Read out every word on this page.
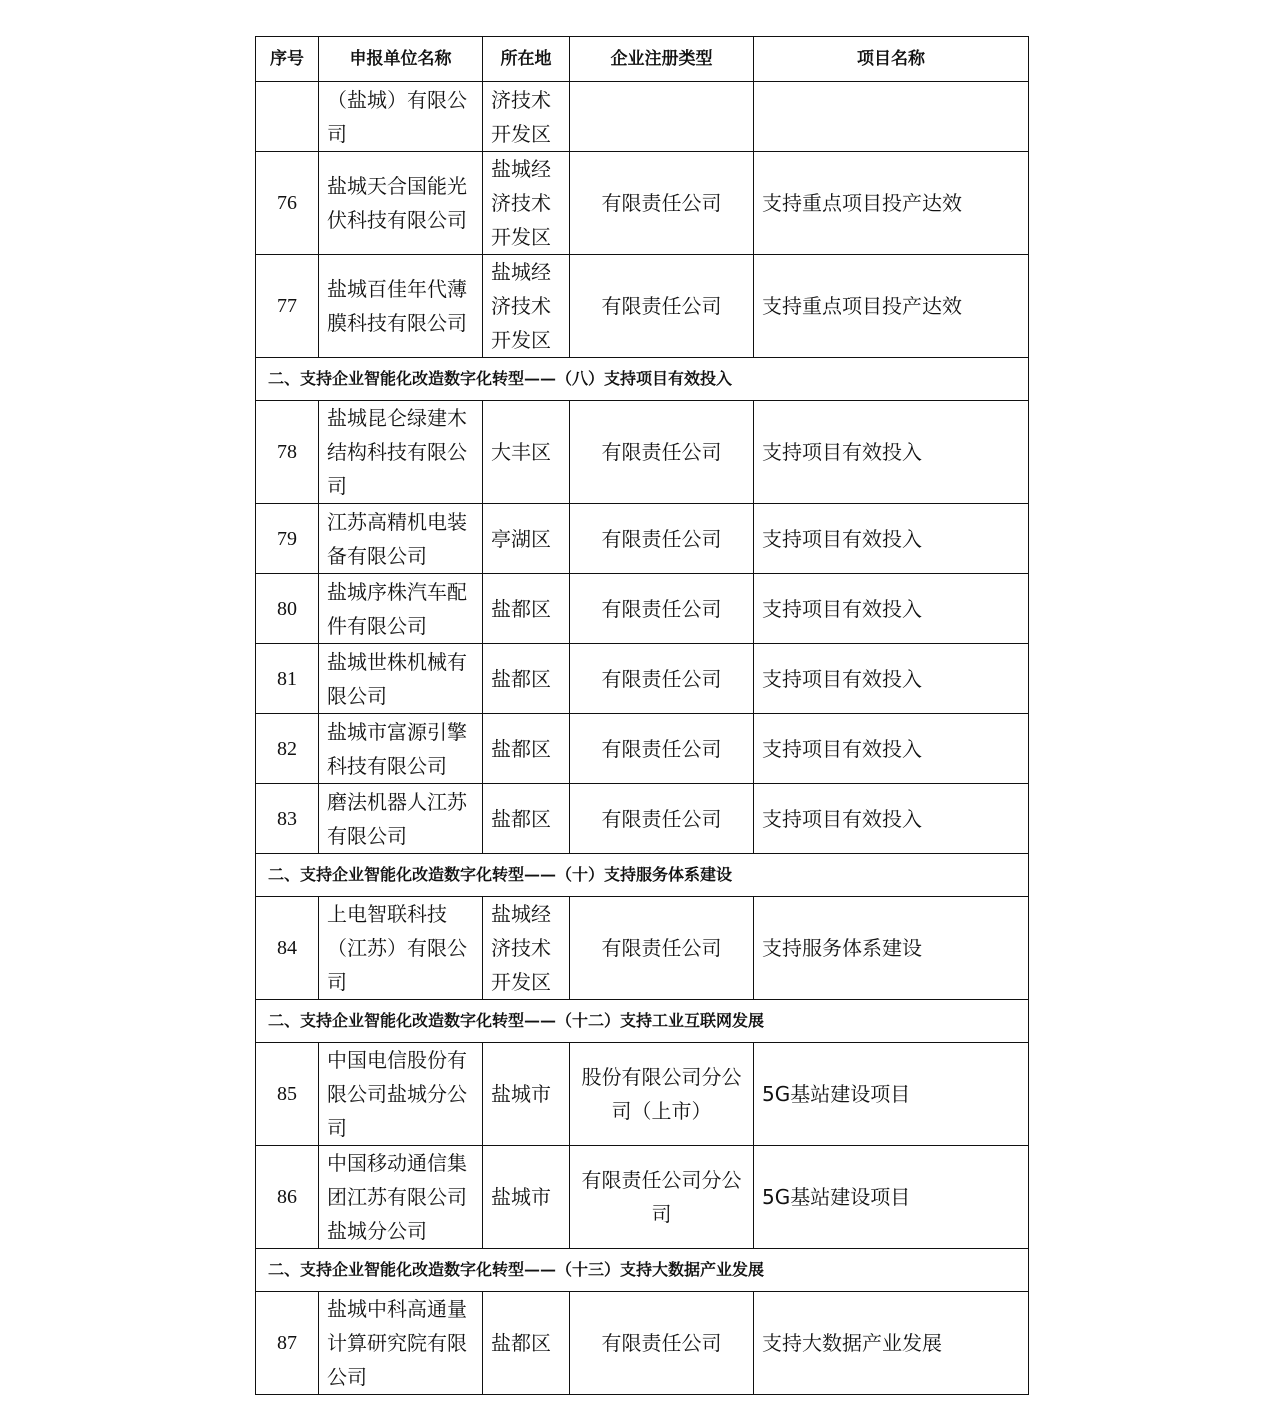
序号	申报单位名称	所在地	企业注册类型	项目名称
	（盐城）有限公司	济技术开发区		
76	盐城天合国能光伏科技有限公司	盐城经济技术开发区	有限责任公司	支持重点项目投产达效
77	盐城百佳年代薄膜科技有限公司	盐城经济技术开发区	有限责任公司	支持重点项目投产达效
二、支持企业智能化改造数字化转型——（八）支持项目有效投入				
78	盐城昆仑绿建木结构科技有限公司	大丰区	有限责任公司	支持项目有效投入
79	江苏高精机电装备有限公司	亭湖区	有限责任公司	支持项目有效投入
80	盐城序株汽车配件有限公司	盐都区	有限责任公司	支持项目有效投入
81	盐城世株机械有限公司	盐都区	有限责任公司	支持项目有效投入
82	盐城市富源引擎科技有限公司	盐都区	有限责任公司	支持项目有效投入
83	磨法机器人江苏有限公司	盐都区	有限责任公司	支持项目有效投入
二、支持企业智能化改造数字化转型——（十）支持服务体系建设				
84	上电智联科技（江苏）有限公司	盐城经济技术开发区	有限责任公司	支持服务体系建设
二、支持企业智能化改造数字化转型——（十二）支持工业互联网发展				
85	中国电信股份有限公司盐城分公司	盐城市	股份有限公司分公司（上市）	5G基站建设项目
86	中国移动通信集团江苏有限公司盐城分公司	盐城市	有限责任公司分公司	5G基站建设项目
二、支持企业智能化改造数字化转型——（十三）支持大数据产业发展				
87	盐城中科高通量计算研究院有限公司	盐都区	有限责任公司	支持大数据产业发展
